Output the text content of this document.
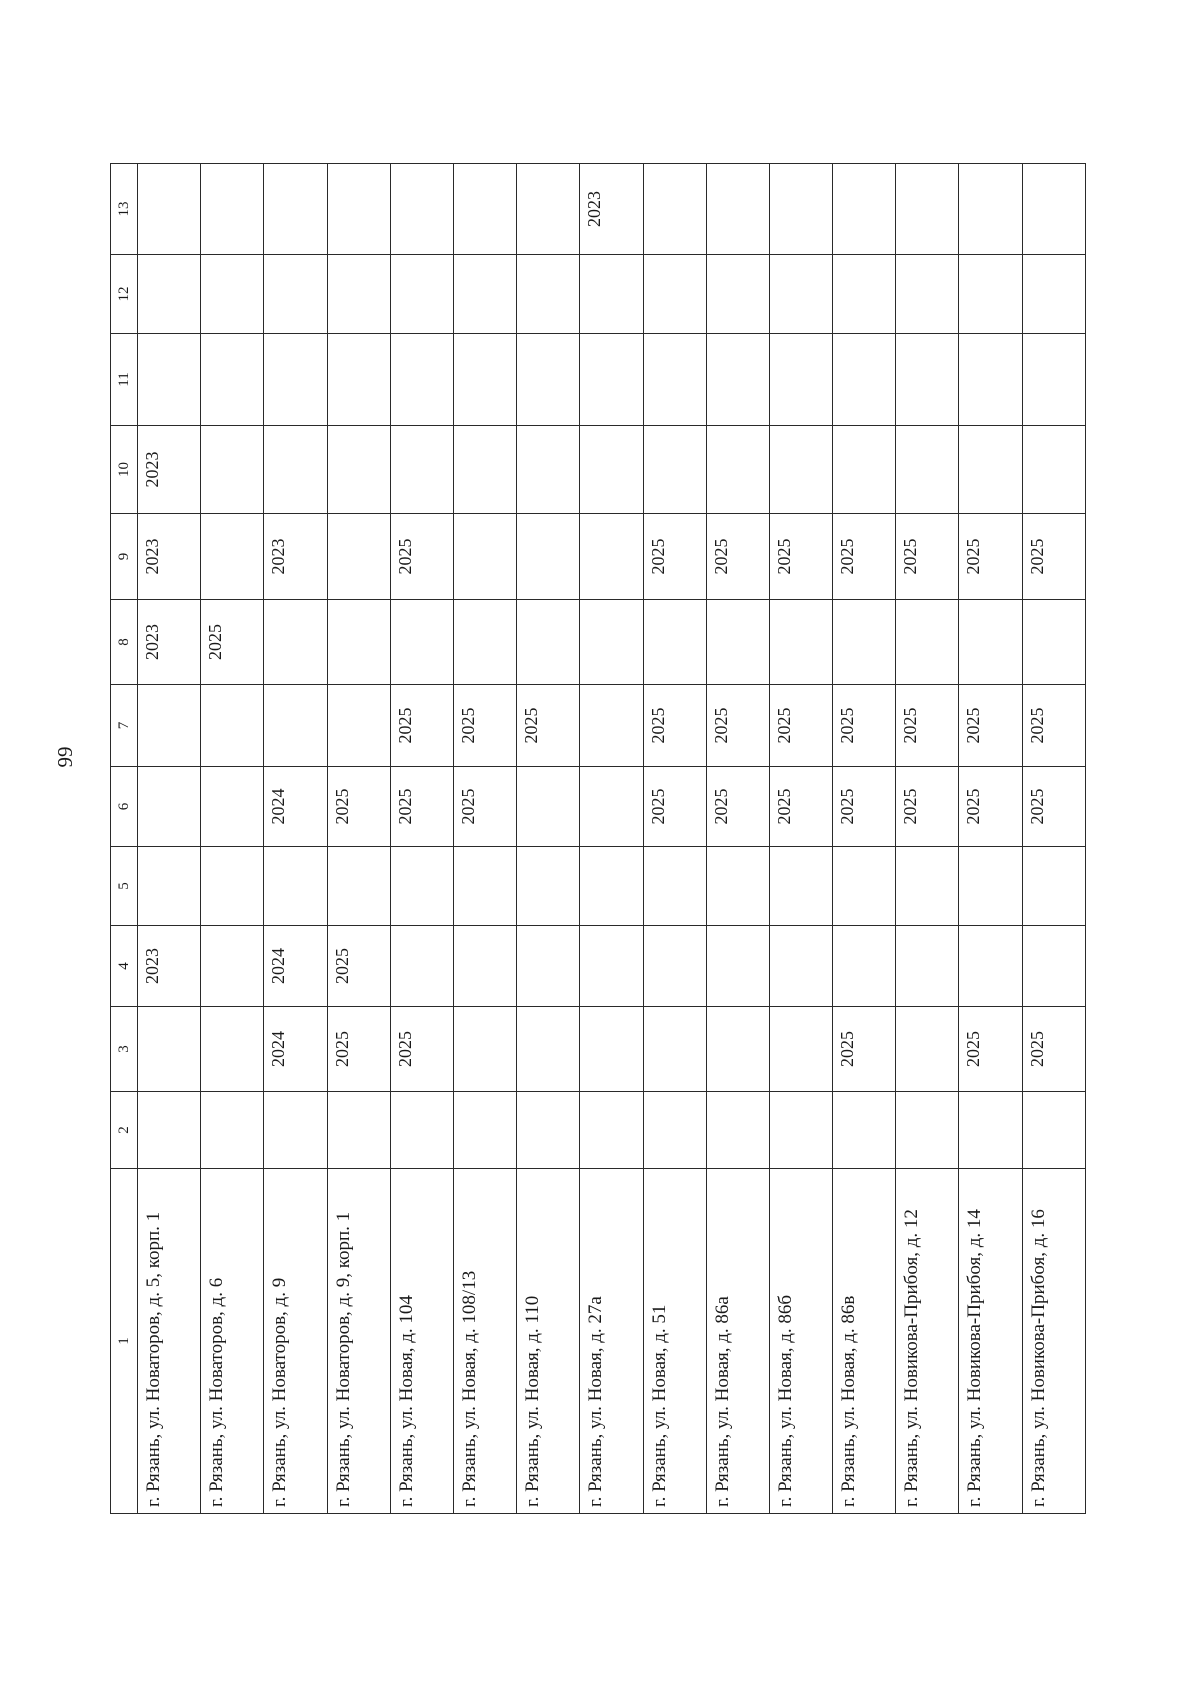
99
1	2	3	4	5	6	7	8	9	10	11	12	13
г. Рязань, ул. Новаторов, д. 5, корп. 1			2023				2023	2023	2023			
г. Рязань, ул. Новаторов, д. 6							2025					
г. Рязань, ул. Новаторов, д. 9		2024	2024		2024			2023				
г. Рязань, ул. Новаторов, д. 9, корп. 1		2025	2025		2025							
г. Рязань, ул. Новая, д. 104		2025			2025	2025		2025				
г. Рязань, ул. Новая, д. 108/13					2025	2025						
г. Рязань, ул. Новая, д. 110						2025						
г. Рязань, ул. Новая, д. 27а												2023
г. Рязань, ул. Новая, д. 51					2025	2025		2025				
г. Рязань, ул. Новая, д. 86а					2025	2025		2025				
г. Рязань, ул. Новая, д. 86б					2025	2025		2025				
г. Рязань, ул. Новая, д. 86в		2025			2025	2025		2025				
г. Рязань, ул. Новикова-Прибоя, д. 12					2025	2025		2025				
г. Рязань, ул. Новикова-Прибоя, д. 14		2025			2025	2025		2025				
г. Рязань, ул. Новикова-Прибоя, д. 16		2025			2025	2025		2025				
